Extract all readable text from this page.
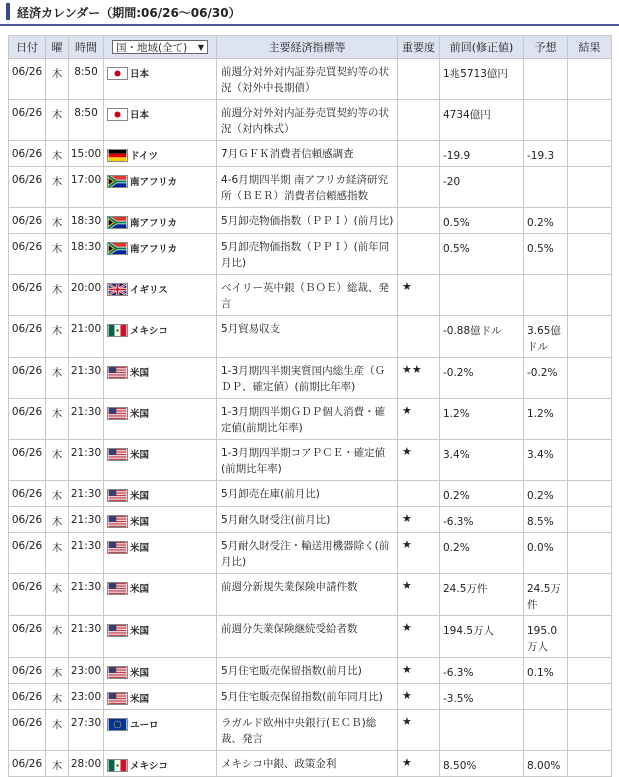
経済カレンダー（期間:06/26〜06/30）
日付	曜	時間	国・地域(全て) ▼	主要経済指標等	重要度	前回(修正値)	予想	結果
06/26	木	8:50	日本	前週分対外対内証券売買契約等の状況（対外中長期債）		1兆5713億円		
06/26	木	8:50	日本	前週分対外対内証券売買契約等の状況（対内株式）		4734億円		
06/26	木	15:00	ドイツ	7月ＧＦＫ消費者信頼感調査		-19.9	-19.3	
06/26	木	17:00	南アフリカ	4-6月期四半期 南アフリカ経済研究所（ＢＥＲ）消費者信頼感指数		-20		
06/26	木	18:30	南アフリカ	5月卸売物価指数（ＰＰＩ）(前月比)		0.5%	0.2%	
06/26	木	18:30	南アフリカ	5月卸売物価指数（ＰＰＩ）(前年同月比)		0.5%	0.5%	
06/26	木	20:00	イギリス	ベイリー英中銀（ＢＯＥ）総裁、発言	★			
06/26	木	21:00	メキシコ	5月貿易収支		-0.88億ドル	3.65億ドル	
06/26	木	21:30	米国	1-3月期四半期実質国内総生産（ＧＤＰ、確定値）(前期比年率)	★★	-0.2%	-0.2%	
06/26	木	21:30	米国	1-3月期四半期ＧＤＰ個人消費・確定値(前期比年率)	★	1.2%	1.2%	
06/26	木	21:30	米国	1-3月期四半期コアＰＣＥ・確定値(前期比年率)	★	3.4%	3.4%	
06/26	木	21:30	米国	5月卸売在庫(前月比)		0.2%	0.2%	
06/26	木	21:30	米国	5月耐久財受注(前月比)	★	-6.3%	8.5%	
06/26	木	21:30	米国	5月耐久財受注・輸送用機器除く(前月比)	★	0.2%	0.0%	
06/26	木	21:30	米国	前週分新規失業保険申請件数	★	24.5万件	24.5万件	
06/26	木	21:30	米国	前週分失業保険継続受給者数	★	194.5万人	195.0万人	
06/26	木	23:00	米国	5月住宅販売保留指数(前月比)	★	-6.3%	0.1%	
06/26	木	23:00	米国	5月住宅販売保留指数(前年同月比)	★	-3.5%		
06/26	木	27:30	ユーロ	ラガルド欧州中央銀行(ＥＣＢ)総裁、発言	★			
06/26	木	28:00	メキシコ	メキシコ中銀、政策金利	★	8.50%	8.00%	
